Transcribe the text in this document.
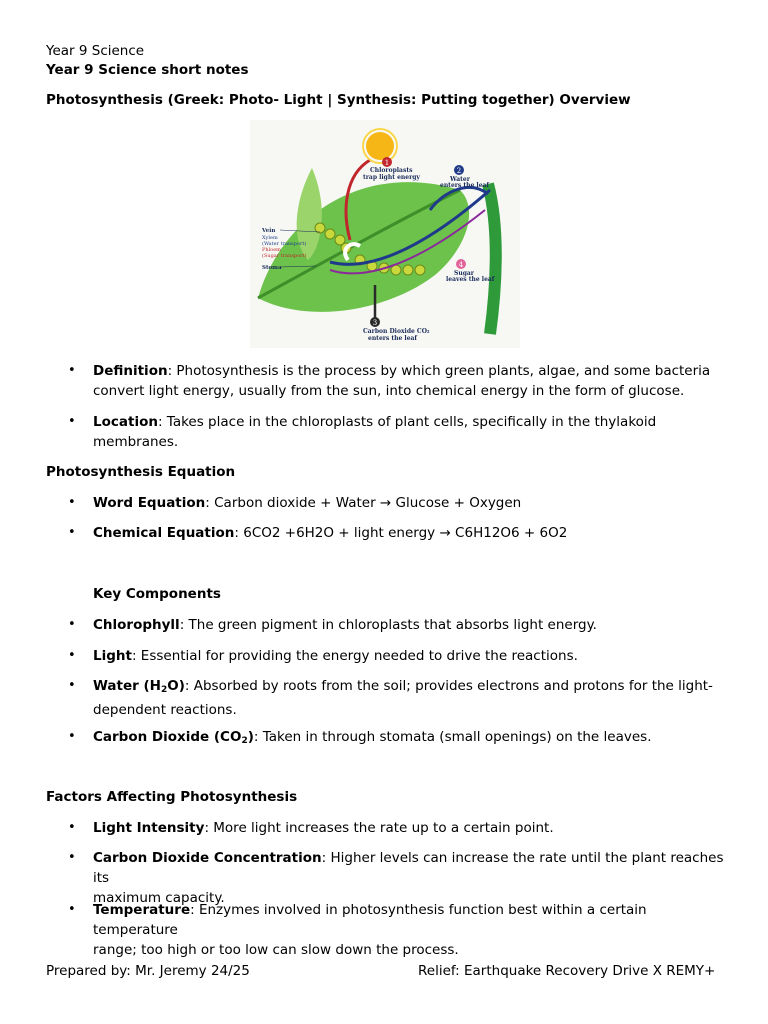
Year 9 Science
Year 9 Science short notes
Photosynthesis (Greek: Photo- Light | Synthesis: Putting together) Overview
1
Chloroplasts
trap light energy
2
Water
enters the leaf
4
Sugar
leaves the leaf
3
Carbon Dioxide CO₂
enters the leaf
Vein
Xylem
(Water transport)
Phloem
(Sugar transport)
Stoma
• Definition: Photosynthesis is the process by which green plants, algae, and some bacteria
convert light energy, usually from the sun, into chemical energy in the form of glucose.
• Location: Takes place in the chloroplasts of plant cells, specifically in the thylakoid
membranes.
Photosynthesis Equation
• Word Equation: Carbon dioxide + Water → Glucose + Oxygen
• Chemical Equation: 6CO2 +6H2O + light energy → C6H12O6 + 6O2
Key Components
• Chlorophyll: The green pigment in chloroplasts that absorbs light energy.
• Light: Essential for providing the energy needed to drive the reactions.
• Water $(H_2O)$: Absorbed by roots from the soil; provides electrons and protons for the light-
dependent reactions.
• Carbon Dioxide $(CO_2)$: Taken in through stomata (small openings) on the leaves.
Factors Affecting Photosynthesis
• Light Intensity: More light increases the rate up to a certain point.
• Carbon Dioxide Concentration: Higher levels can increase the rate until the plant reaches its
maximum capacity.
• Temperature: Enzymes involved in photosynthesis function best within a certain temperature
range; too high or too low can slow down the process.
Prepared by: Mr. Jeremy 24/25	Relief: Earthquake Recovery Drive X REMY+
